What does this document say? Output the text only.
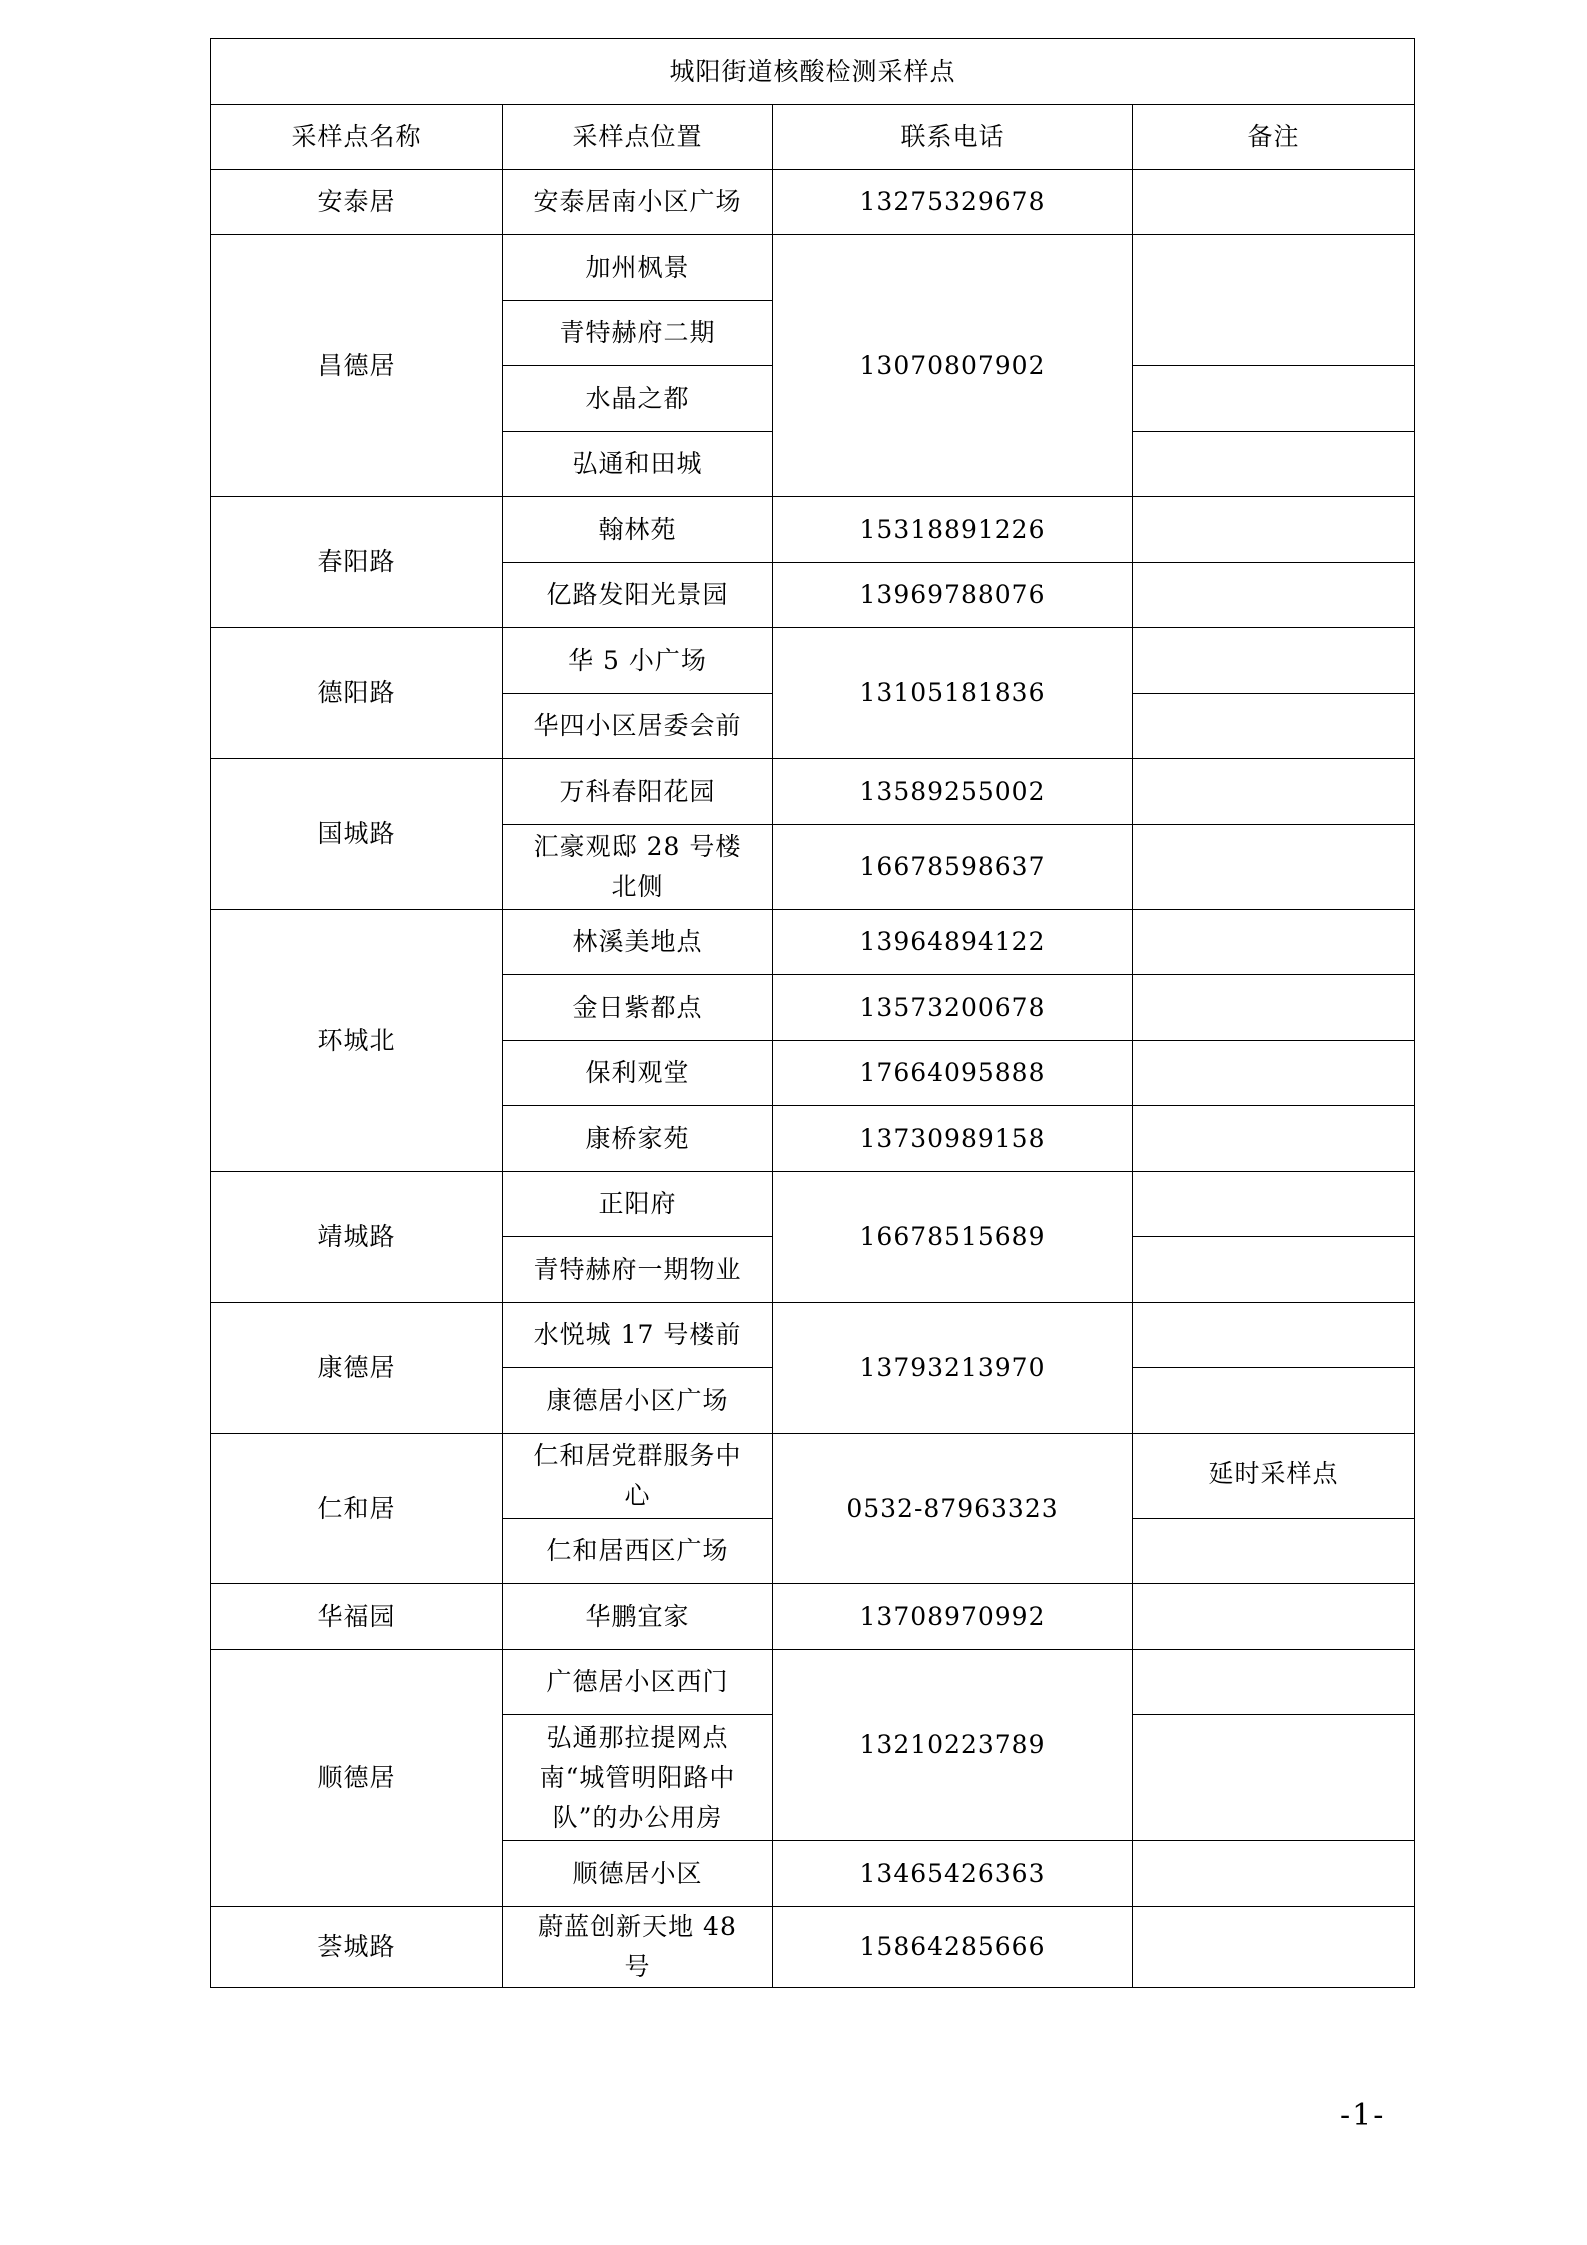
城阳街道核酸检测采样点			
采样点名称	采样点位置	联系电话	备注
安泰居	安泰居南小区广场	13275329678	
昌德居	加州枫景	13070807902	
	青特赫府二期		
	水晶之都		
	弘通和田城		
春阳路	翰林苑	15318891226	
	亿路发阳光景园	13969788076	
德阳路	华 5 小广场	13105181836	
	华四小区居委会前		
国城路	万科春阳花园	13589255002	
	汇豪观邸 28 号楼北侧	16678598637	
环城北	林溪美地点	13964894122	
	金日紫都点	13573200678	
	保利观堂	17664095888	
	康桥家苑	13730989158	
靖城路	正阳府	16678515689	
	青特赫府一期物业		
康德居	水悦城 17 号楼前	13793213970	
	康德居小区广场		
仁和居	仁和居党群服务中心	0532-87963323	延时采样点

	仁和居西区广场		
华福园	华鹏宜家	13708970992	
顺德居	广德居小区西门	13210223789	
	弘通那拉提网点南“城管明阳路中队”的办公用房		
	顺德居小区	13465426363	
荟城路	蔚蓝创新天地 48 号	15864285666	
-1-
